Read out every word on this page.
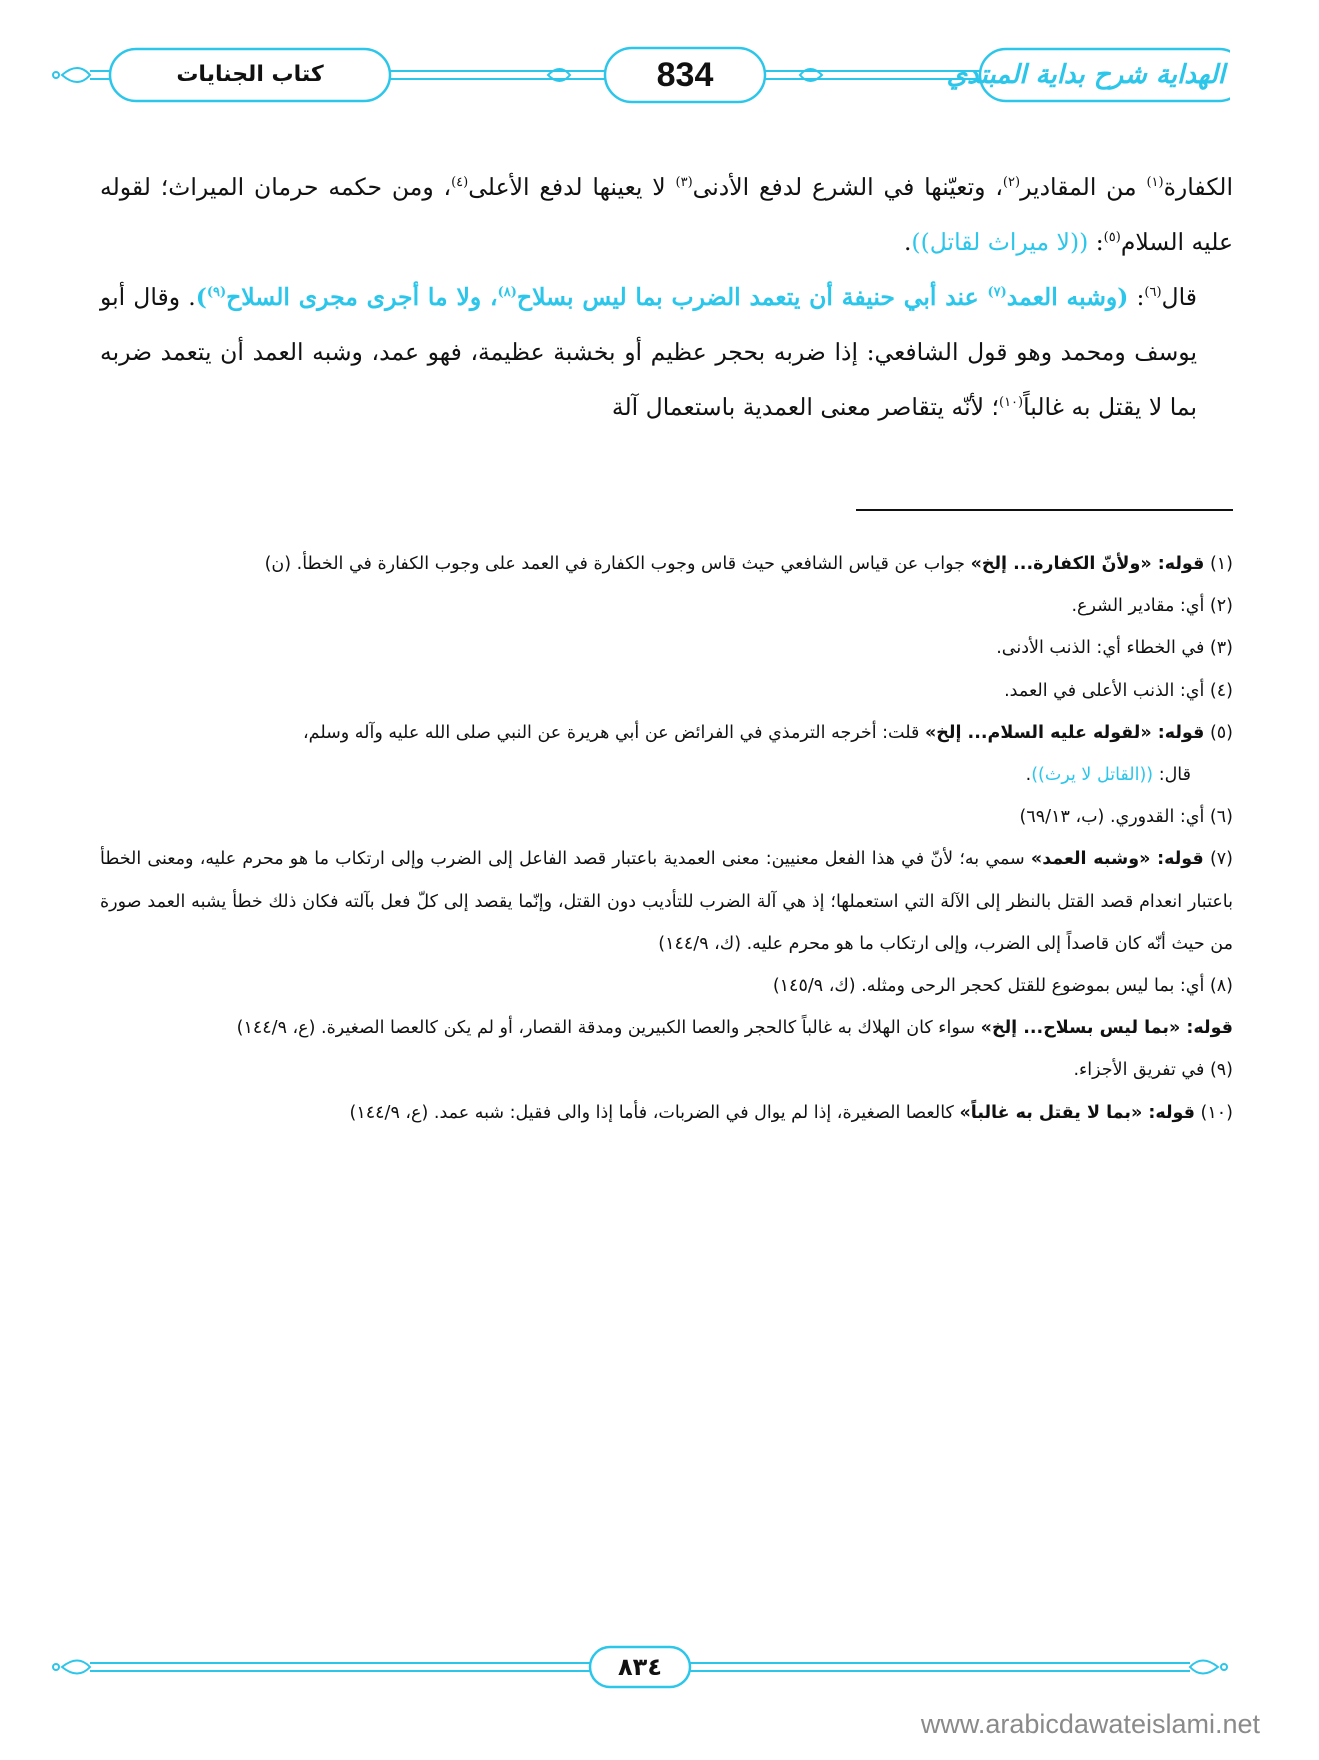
كتاب الجنايات	834	الهداية شرح بداية المبتدي

الكفارة$^{(١)}$ من المقادير$^{(٢)}$، وتعيّنها في الشرع لدفع الأدنى$^{(٣)}$ لا يعينها لدفع الأعلى$^{(٤)}$، ومن حكمه حرمان الميراث؛ لقوله عليه السلام$^{(٥)}$: ((لا ميراث لقاتل)).

قال$^{(٦)}$: (وشبه العمد$^{(٧)}$ عند أبي حنيفة أن يتعمد الضرب بما ليس بسلاح$^{(٨)}$، ولا ما أجرى مجرى السلاح$^{(٩)}$). وقال أبو يوسف ومحمد وهو قول الشافعي: إذا ضربه بحجر عظيم أو بخشبة عظيمة، فهو عمد، وشبه العمد أن يتعمد ضربه بما لا يقتل به غالباً$^{(١٠)}$؛ لأنّه يتقاصر معنى العمدية باستعمال آلة

(١) قوله: «ولأنّ الكفارة... إلخ» جواب عن قياس الشافعي حيث قاس وجوب الكفارة في العمد على وجوب الكفارة في الخطأ. (ن)

(٢) أي: مقادير الشرع.

(٣) في الخطاء أي: الذنب الأدنى.

(٤) أي: الذنب الأعلى في العمد.

(٥) قوله: «لقوله عليه السلام... إلخ» قلت: أخرجه الترمذي في الفرائض عن أبي هريرة عن النبي صلى الله عليه وآله وسلم،

قال: ((القاتل لا يرث)).

(٦) أي: القدوري. (ب، ٦٩/١٣)

(٧) قوله: «وشبه العمد» سمي به؛ لأنّ في هذا الفعل معنيين: معنى العمدية باعتبار قصد الفاعل إلى الضرب وإلى ارتكاب ما هو محرم عليه، ومعنى الخطأ باعتبار انعدام قصد القتل بالنظر إلى الآلة التي استعملها؛ إذ هي آلة الضرب للتأديب دون القتل، وإنّما يقصد إلى كلّ فعل بآلته فكان ذلك خطأ يشبه العمد صورة من حيث أنّه كان قاصداً إلى الضرب، وإلى ارتكاب ما هو محرم عليه. (ك، ١٤٤/٩)

(٨) أي: بما ليس بموضوع للقتل كحجر الرحى ومثله. (ك، ١٤٥/٩)

قوله: «بما ليس بسلاح... إلخ» سواء كان الهلاك به غالباً كالحجر والعصا الكبيرين ومدقة القصار، أو لم يكن كالعصا الصغيرة. (ع، ١٤٤/٩)

(٩) في تفريق الأجزاء.

(١٠) قوله: «بما لا يقتل به غالباً» كالعصا الصغيرة، إذا لم يوال في الضربات، فأما إذا والى فقيل: شبه عمد. (ع، ١٤٤/٩)

٨٣٤
www.arabicdawateislami.net
